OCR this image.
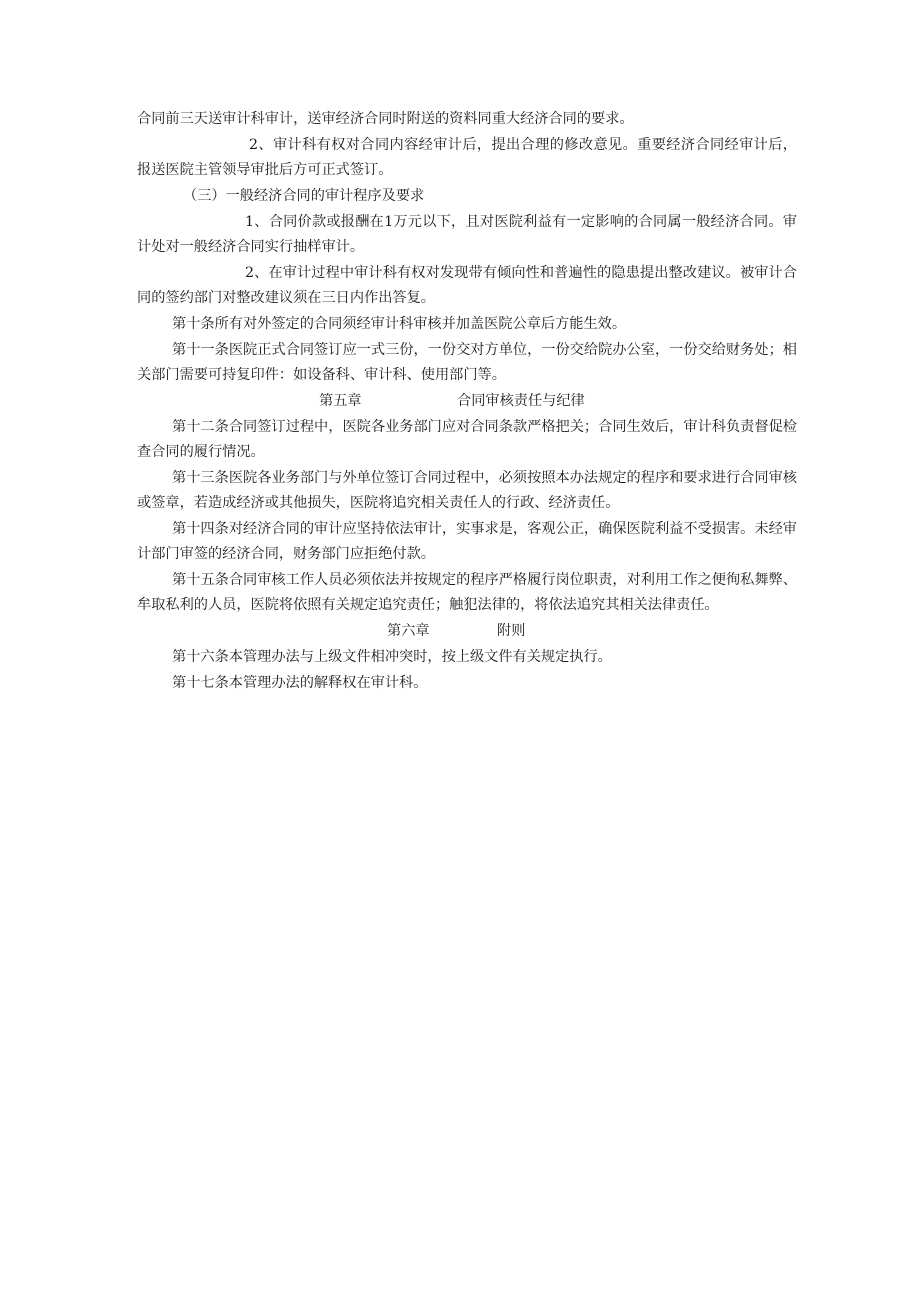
合同前三天送审计科审计，送审经济合同时附送的资料同重大经济合同的要求。

2、审计科有权对合同内容经审计后，提出合理的修改意见。重要经济合同经审计后，报送医院主管领导审批后方可正式签订。

（三）一般经济合同的审计程序及要求

1、合同价款或报酬在1万元以下，且对医院利益有一定影响的合同属一般经济合同。审计处对一般经济合同实行抽样审计。

2、在审计过程中审计科有权对发现带有倾向性和普遍性的隐患提出整改建议。被审计合同的签约部门对整改建议须在三日内作出答复。

第十条所有对外签定的合同须经审计科审核并加盖医院公章后方能生效。

第十一条医院正式合同签订应一式三份，一份交对方单位，一份交给院办公室，一份交给财务处；相关部门需要可持复印件：如设备科、审计科、使用部门等。

第五章	合同审核责任与纪律

第十二条合同签订过程中，医院各业务部门应对合同条款严格把关；合同生效后，审计科负责督促检查合同的履行情况。

第十三条医院各业务部门与外单位签订合同过程中，必须按照本办法规定的程序和要求进行合同审核或签章，若造成经济或其他损失，医院将追究相关责任人的行政、经济责任。

第十四条对经济合同的审计应坚持依法审计，实事求是，客观公正，确保医院利益不受损害。未经审计部门审签的经济合同，财务部门应拒绝付款。

第十五条合同审核工作人员必须依法并按规定的程序严格履行岗位职责，对利用工作之便徇私舞弊、牟取私利的人员，医院将依照有关规定追究责任；触犯法律的，将依法追究其相关法律责任。

第六章	附则

第十六条本管理办法与上级文件相冲突时，按上级文件有关规定执行。

第十七条本管理办法的解释权在审计科。
